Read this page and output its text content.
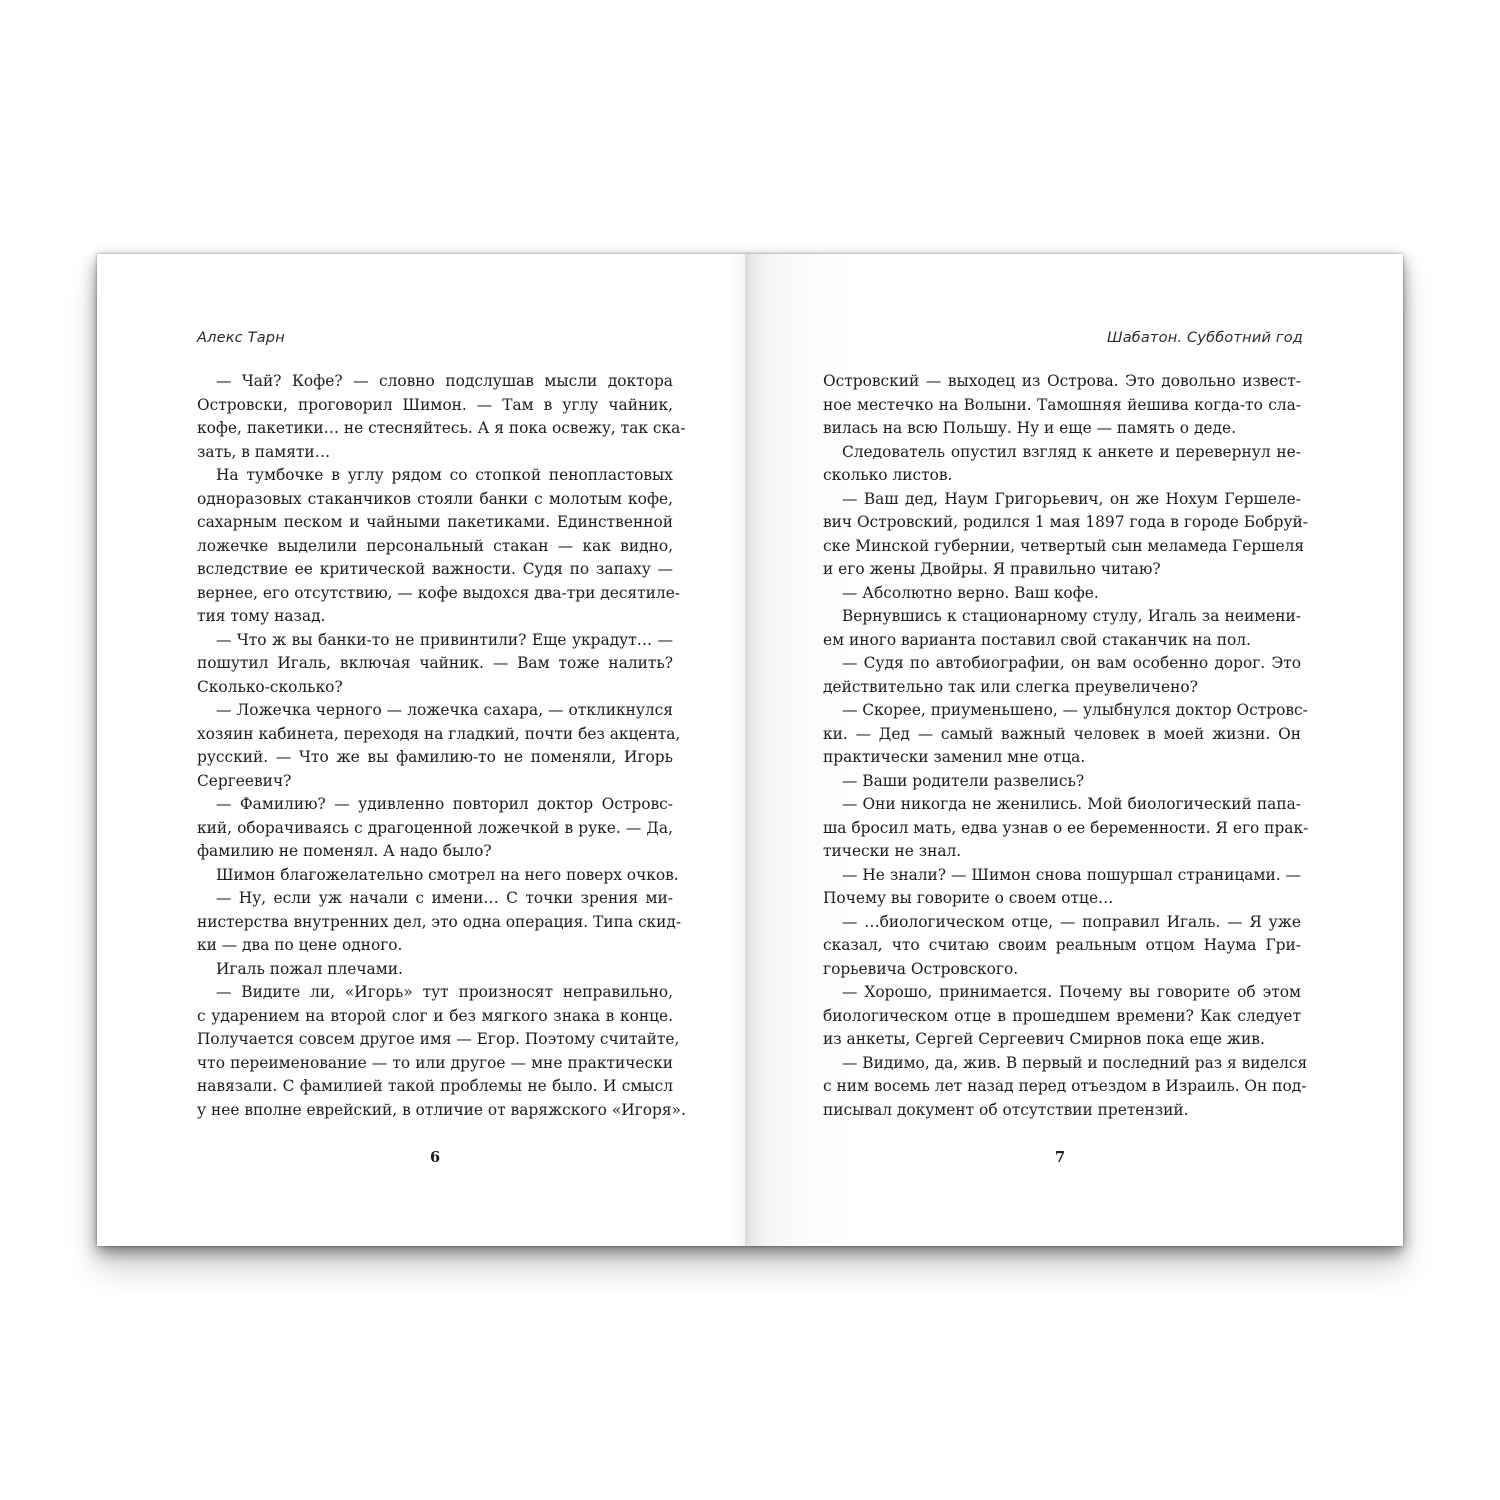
Алекс Тарн

— Чай? Кофе? — словно подслушав мысли доктора

Островски, проговорил Шимон. — Там в углу чайник,

кофе, пакетики… не стесняйтесь. А я пока освежу, так ска-

зать, в памяти…

На тумбочке в углу рядом со стопкой пенопластовых

одноразовых стаканчиков стояли банки с молотым кофе,

сахарным песком и чайными пакетиками. Единственной

ложечке выделили персональный стакан — как видно,

вследствие ее критической важности. Судя по запаху —

вернее, его отсутствию, — кофе выдохся два-три десятиле-

тия тому назад.

— Что ж вы банки-то не привинтили? Еще украдут… —

пошутил Игаль, включая чайник. — Вам тоже налить?

Сколько-сколько?

— Ложечка черного — ложечка сахара, — откликнулся

хозяин кабинета, переходя на гладкий, почти без акцента,

русский. — Что же вы фамилию-то не поменяли, Игорь

Сергеевич?

— Фамилию? — удивленно повторил доктор Островс-

кий, оборачиваясь с драгоценной ложечкой в руке. — Да,

фамилию не поменял. А надо было?

Шимон благожелательно смотрел на него поверх очков.

— Ну, если уж начали с имени… С точки зрения ми-

нистерства внутренних дел, это одна операция. Типа скид-

ки — два по цене одного.

Игаль пожал плечами.

— Видите ли, «Игорь» тут произносят неправильно,

с ударением на второй слог и без мягкого знака в конце.

Получается совсем другое имя — Егор. Поэтому считайте,

что переименование — то или другое — мне практически

навязали. С фамилией такой проблемы не было. И смысл

у нее вполне еврейский, в отличие от варяжского «Игоря».

6
Шабатон. Субботний год

Островский — выходец из Острова. Это довольно извест-

ное местечко на Волыни. Тамошняя йешива когда-то сла-

вилась на всю Польшу. Ну и еще — память о деде.

Следователь опустил взгляд к анкете и перевернул не-

сколько листов.

— Ваш дед, Наум Григорьевич, он же Нохум Гершеле-

вич Островский, родился 1 мая 1897 года в городе Бобруй-

ске Минской губернии, четвертый сын меламеда Гершеля

и его жены Двойры. Я правильно читаю?

— Абсолютно верно. Ваш кофе.

Вернувшись к стационарному стулу, Игаль за неимени-

ем иного варианта поставил свой стаканчик на пол.

— Судя по автобиографии, он вам особенно дорог. Это

действительно так или слегка преувеличено?

— Скорее, приуменьшено, — улыбнулся доктор Островс-

ки. — Дед — самый важный человек в моей жизни. Он

практически заменил мне отца.

— Ваши родители развелись?

— Они никогда не женились. Мой биологический папа-

ша бросил мать, едва узнав о ее беременности. Я его прак-

тически не знал.

— Не знали? — Шимон снова пошуршал страницами. —

Почему вы говорите о своем отце…

— …биологическом отце, — поправил Игаль. — Я уже

сказал, что считаю своим реальным отцом Наума Гри-

горьевича Островского.

— Хорошо, принимается. Почему вы говорите об этом

биологическом отце в прошедшем времени? Как следует

из анкеты, Сергей Сергеевич Смирнов пока еще жив.

— Видимо, да, жив. В первый и последний раз я виделся

с ним восемь лет назад перед отъездом в Израиль. Он под-

писывал документ об отсутствии претензий.

7
